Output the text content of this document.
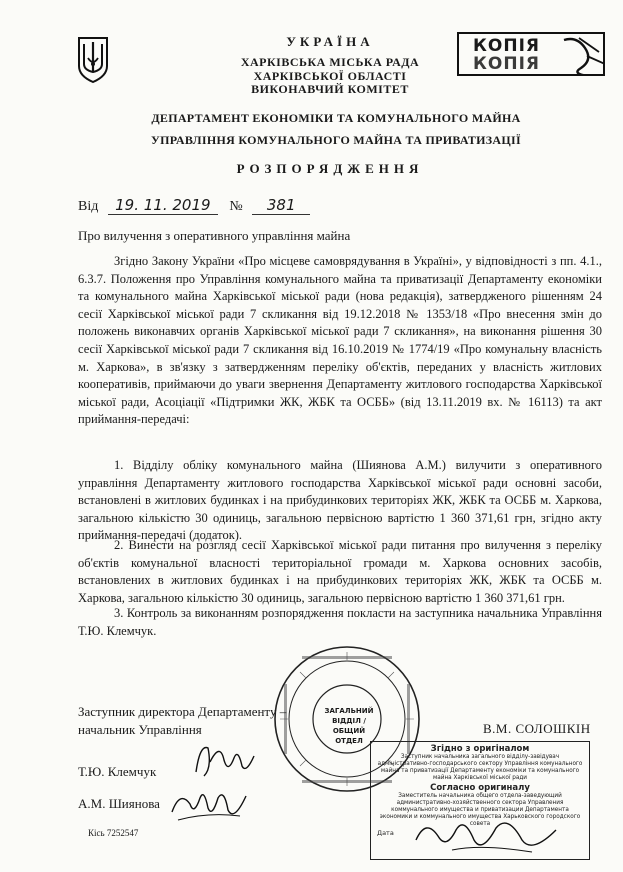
УКРАЇНА
ХАРКІВСЬКА МІСЬКА РАДА
ХАРКІВСЬКОЇ ОБЛАСТІ
ВИКОНАВЧИЙ КОМІТЕТ
ДЕПАРТАМЕНТ ЕКОНОМІКИ ТА КОМУНАЛЬНОГО МАЙНА
УПРАВЛІННЯ КОМУНАЛЬНОГО МАЙНА ТА ПРИВАТИЗАЦІЇ
РОЗПОРЯДЖЕННЯ
КОПІЯ
КОПІЯ
Від 19. 11. 2019 № 381
Про вилучення з оперативного управління майна

Згідно Закону України «Про місцеве самоврядування в Україні», у відповідності з пп. 4.1., 6.3.7. Положення про Управління комунального майна та приватизації Департаменту економіки та комунального майна Харківської міської ради (нова редакція), затвердженого рішенням 24 сесії Харківської міської ради 7 скликання від 19.12.2018 № 1353/18 «Про внесення змін до положень виконавчих органів Харківської міської ради 7 скликання», на виконання рішення 30 сесії Харківської міської ради 7 скликання від 16.10.2019 № 1774/19 «Про комунальну власність м. Харкова», в зв'язку з затвердженням переліку об'єктів, переданих у власність житлових кооперативів, приймаючи до уваги звернення Департаменту житлового господарства Харківської міської ради, Асоціації «Підтримки ЖК, ЖБК та ОСББ» (від 13.11.2019 вх. № 16113) та акт приймання-передачі:

1. Відділу обліку комунального майна (Шиянова А.М.) вилучити з оперативного управління Департаменту житлового господарства Харківської міської ради основні засоби, встановлені в житлових будинках і на прибудинкових територіях ЖК, ЖБК та ОСББ м. Харкова, загальною кількістю 30 одиниць, загальною первісною вартістю 1 360 371,61 грн, згідно акту приймання-передачі (додаток).

2. Винести на розгляд сесії Харківської міської ради питання про вилучення з переліку об'єктів комунальної власності територіальної громади м. Харкова основних засобів, встановлених в житлових будинках і на прибудинкових територіях ЖК, ЖБК та ОСББ м. Харкова, загальною кількістю 30 одиниць, загальною первісною вартістю 1 360 371,61 грн.

3. Контроль за виконанням розпорядження покласти на заступника начальника Управління Т.Ю. Клемчук.

ЗАГАЛЬНИЙ
ВІДДІЛ /
ОБЩИЙ ОТДЕЛ
Заступник директора Департаменту –
начальник Управління	В.М. СОЛОШКІН
Т.Ю. Клемчук
А.М. Шиянова
Кісь 7252547
Згідно з оригіналом
Заступник начальника загального відділу-завідувач адміністративно-господарського сектору Управління комунального майна та приватизації Департаменту економіки та комунального майна Харківської міської ради
Согласно оригиналу
Заместитель начальника общего отдела-заведующий административно-хозяйственного сектора Управления коммунального имущества и приватизации Департамента экономики и коммунального имущества Харьковского городского совета
Дата
